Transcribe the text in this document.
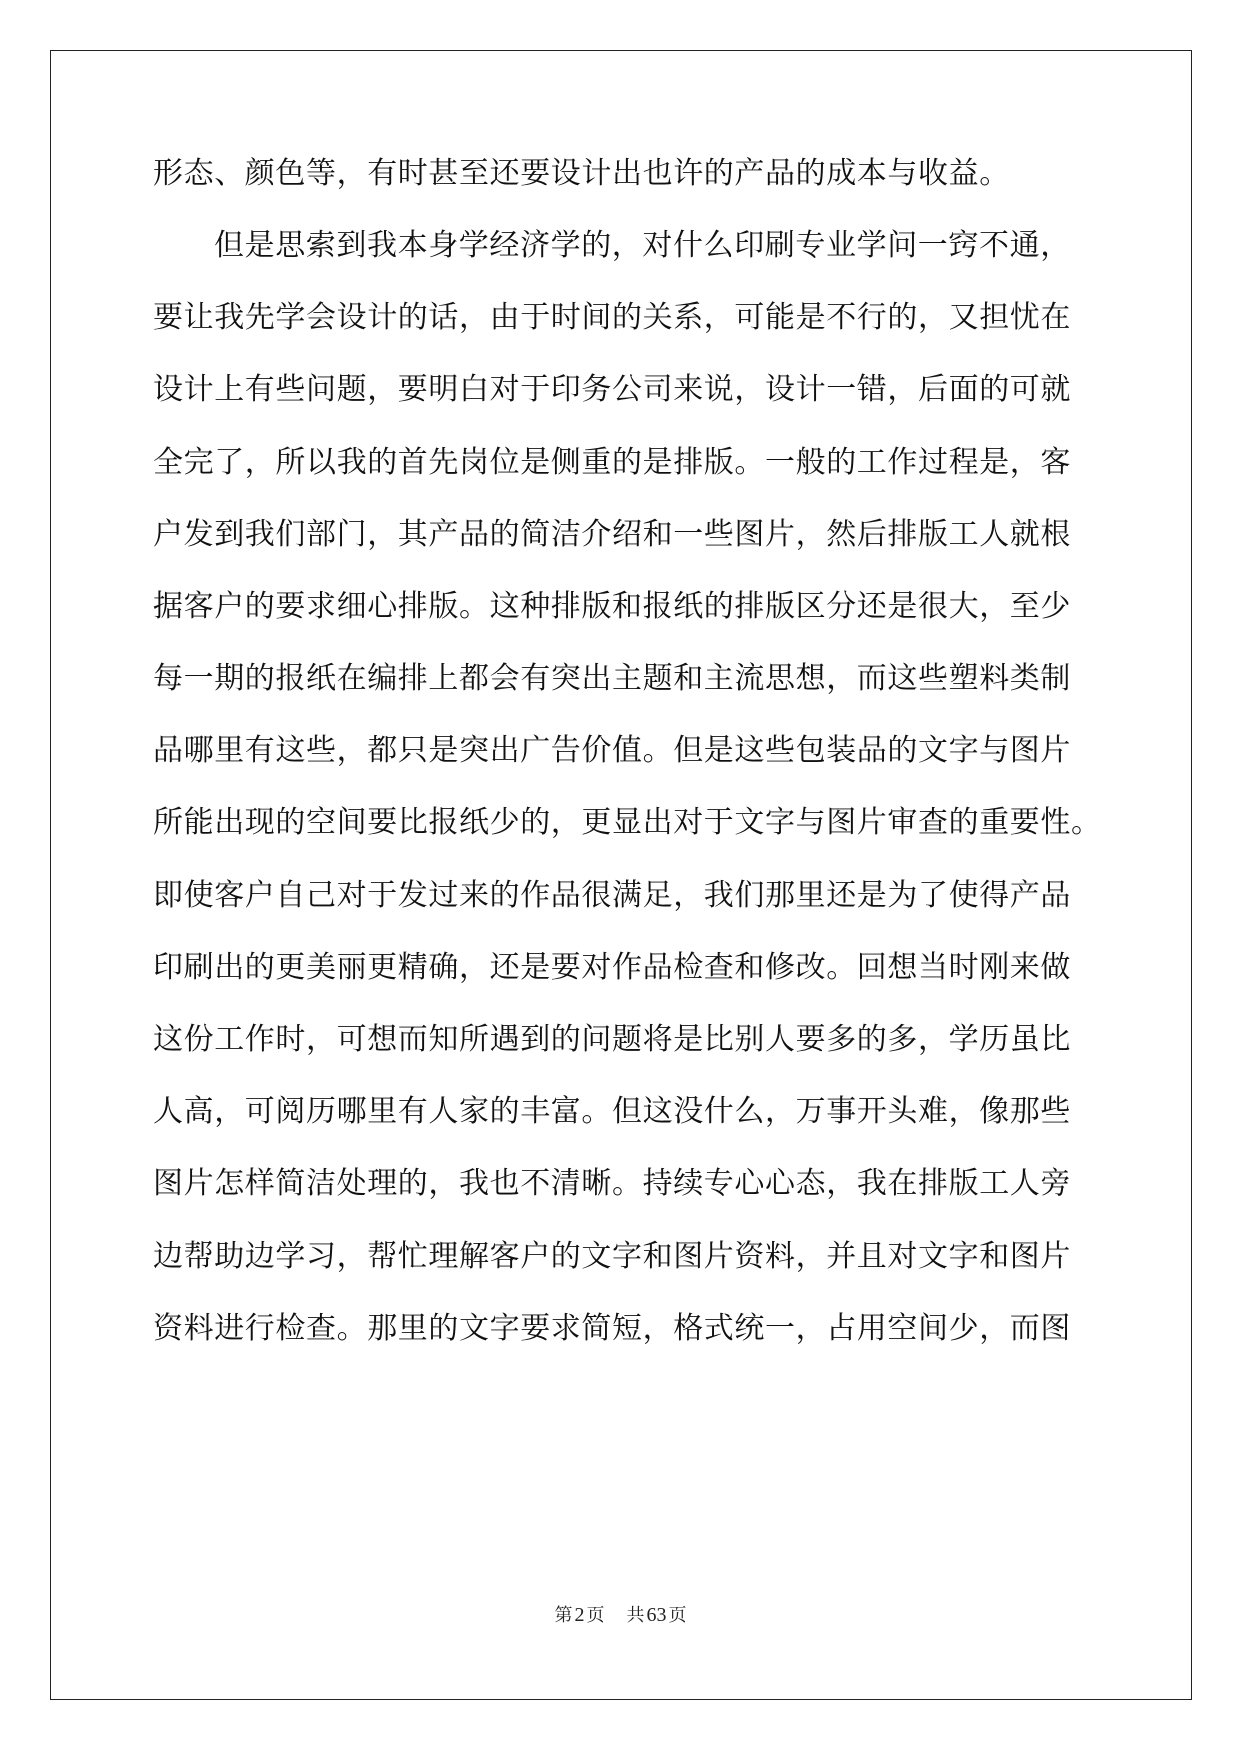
形态、颜色等，有时甚至还要设计出也许的产品的成本与收益。
但是思索到我本身学经济学的，对什么印刷专业学问一窍不通，
要让我先学会设计的话，由于时间的关系，可能是不行的，又担忧在
设计上有些问题，要明白对于印务公司来说，设计一错，后面的可就
全完了，所以我的首先岗位是侧重的是排版。一般的工作过程是，客
户发到我们部门，其产品的简洁介绍和一些图片，然后排版工人就根
据客户的要求细心排版。这种排版和报纸的排版区分还是很大，至少
每一期的报纸在编排上都会有突出主题和主流思想，而这些塑料类制
品哪里有这些，都只是突出广告价值。但是这些包装品的文字与图片
所能出现的空间要比报纸少的，更显出对于文字与图片审查的重要性。
即使客户自己对于发过来的作品很满足，我们那里还是为了使得产品
印刷出的更美丽更精确，还是要对作品检查和修改。回想当时刚来做
这份工作时，可想而知所遇到的问题将是比别人要多的多，学历虽比
人高，可阅历哪里有人家的丰富。但这没什么，万事开头难，像那些
图片怎样简洁处理的，我也不清晰。持续专心心态，我在排版工人旁
边帮助边学习，帮忙理解客户的文字和图片资料，并且对文字和图片
资料进行检查。那里的文字要求简短，格式统一，占用空间少，而图
第 2 页 共 63 页
